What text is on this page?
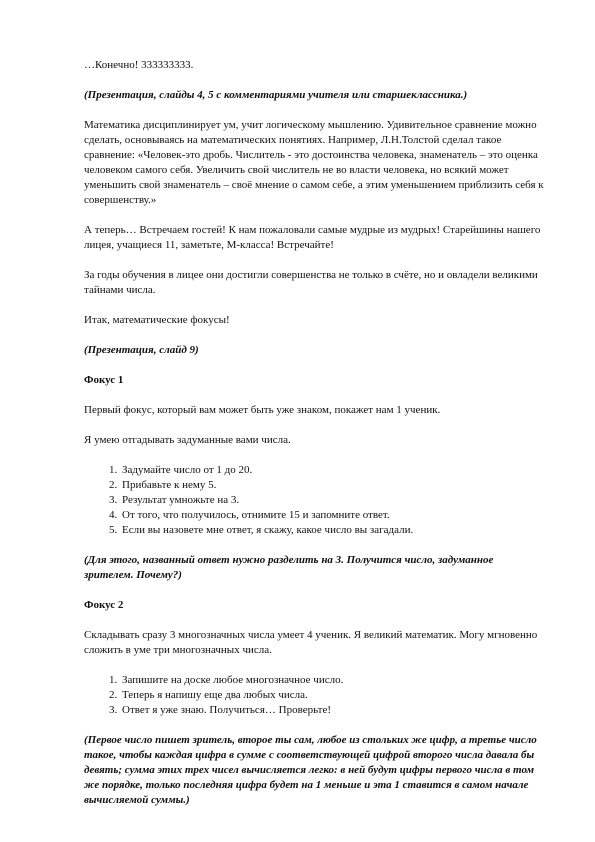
…Конечно! 333333333.

(Презентация, слайды 4, 5 с комментариями учителя или старшеклассника.)

Математика дисциплинирует ум, учит логическому мышлению. Удивительное сравнение можно сделать, основываясь на математических понятиях. Например, Л.Н.Толстой сделал такое сравнение: «Человек-это дробь. Числитель - это достоинства человека, знаменатель – это оценка человеком самого себя. Увеличить свой числитель не во власти человека, но всякий может уменьшить свой знаменатель – своё мнение о самом себе, а этим уменьшением приблизить себя к совершенству.»

А теперь… Встречаем гостей! К нам пожаловали самые мудрые из мудрых! Старейшины нашего лицея, учащиеся 11, заметьте, М-класса! Встречайте!

За годы обучения в лицее они достигли совершенства не только в счёте, но и овладели великими тайнами числа.

Итак, математические фокусы!

(Презентация, слайд 9)

Фокус 1

Первый фокус, который вам может быть уже знаком, покажет нам 1 ученик.

Я умею отгадывать задуманные вами числа.

1. Задумайте число от 1 до 20.
2. Прибавьте к нему 5.
3. Результат умножьте на 3.
4. От того, что получилось, отнимите 15 и запомните ответ.
5. Если вы назовете мне ответ, я скажу, какое число вы загадали.

(Для этого, названный ответ нужно разделить на 3. Получится число, задуманное зрителем. Почему?)

Фокус 2

Складывать сразу 3 многозначных числа умеет 4 ученик. Я великий математик. Могу мгновенно сложить в уме три многозначных числа.

1. Запишите на доске любое многозначное число.
2. Теперь я напишу еще два любых числа.
3. Ответ я уже знаю. Получиться… Проверьте!

(Первое число пишет зритель, второе ты сам, любое из стольких же цифр, а третье число такое, чтобы каждая цифра в сумме с соответствующей цифрой второго числа давала бы девять; сумма этих трех чисел вычисляется легко: в ней будут цифры первого числа в том же порядке, только последняя цифра будет на 1 меньше и эта 1 ставится в самом начале вычисляемой суммы.)
